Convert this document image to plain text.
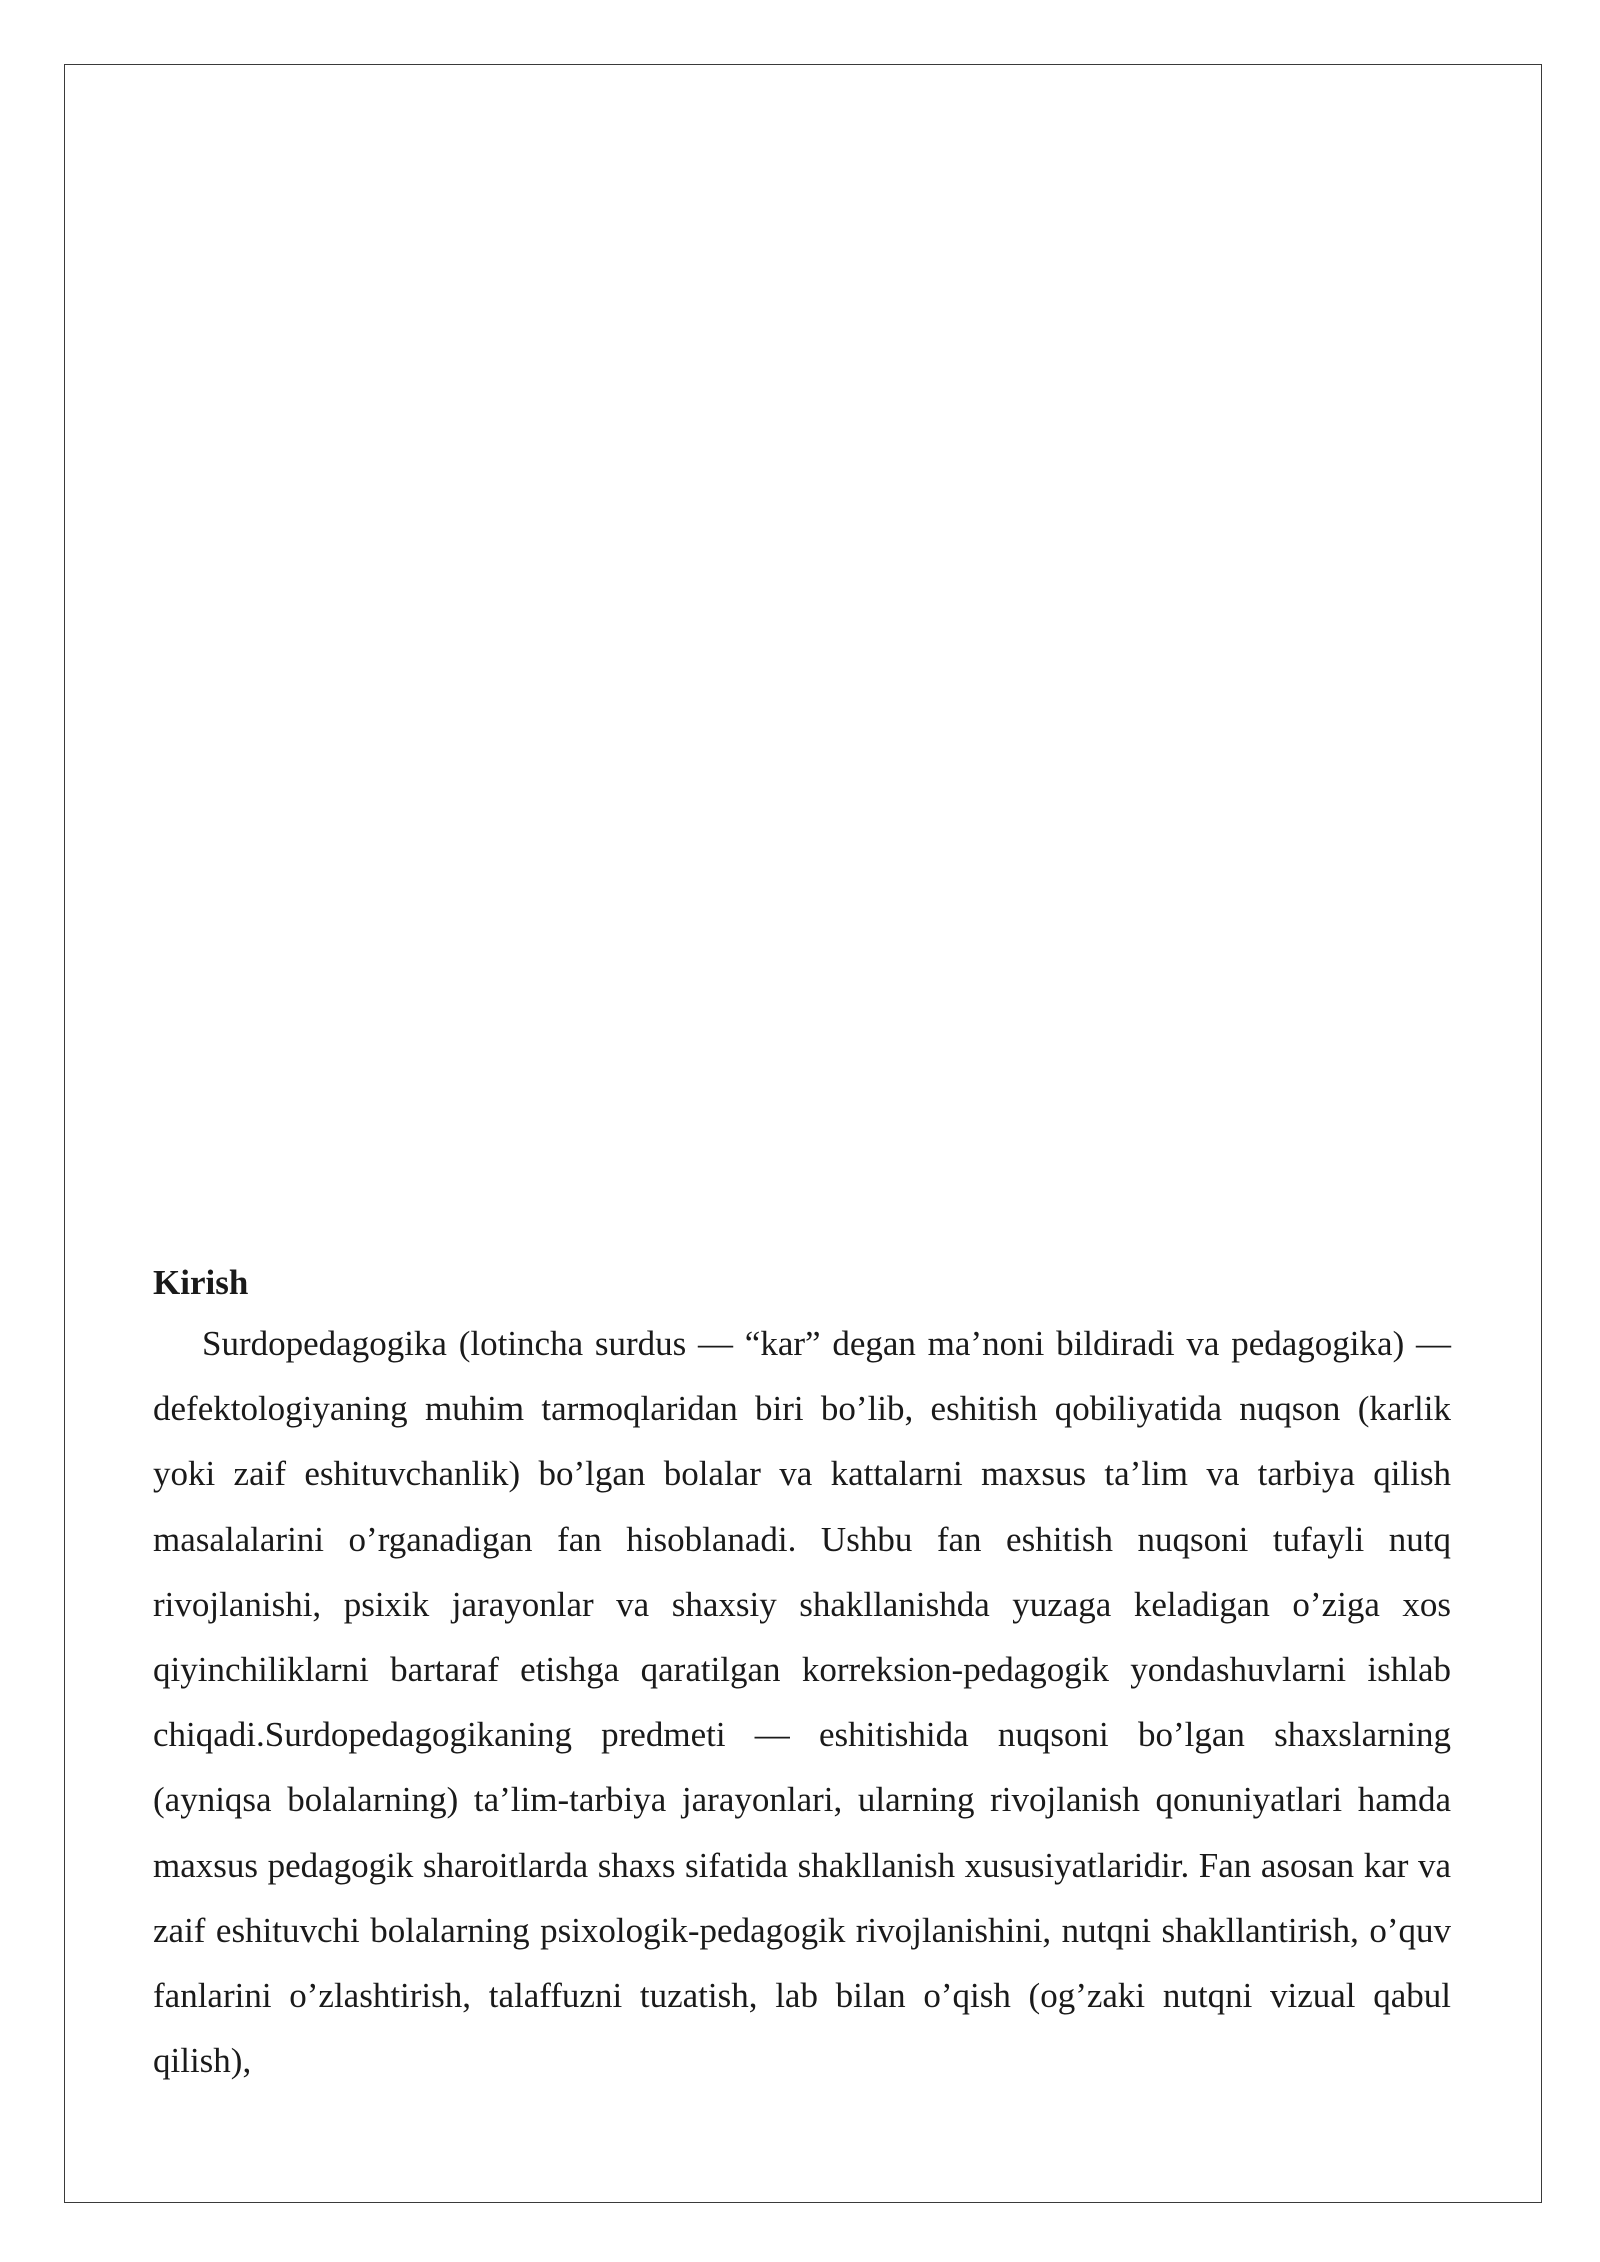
Kirish

Surdopedagogika (lotincha surdus — “kar” degan ma’noni bildiradi va pedagogika) — defektologiyaning muhim tarmoqlaridan biri bo’lib, eshitish qobiliyatida nuqson (karlik yoki zaif eshituvchanlik) bo’lgan bolalar va kattalarni maxsus ta’lim va tarbiya qilish masalalarini o’rganadigan fan hisoblanadi. Ushbu fan eshitish nuqsoni tufayli nutq rivojlanishi, psixik jarayonlar va shaxsiy shakllanishda yuzaga keladigan o’ziga xos qiyinchiliklarni bartaraf etishga qaratilgan korreksion-pedagogik yondashuvlarni ishlab chiqadi.Surdopedagogikaning predmeti — eshitishida nuqsoni bo’lgan shaxslarning (ayniqsa bolalarning) ta’lim-tarbiya jarayonlari, ularning rivojlanish qonuniyatlari hamda maxsus pedagogik sharoitlarda shaxs sifatida shakllanish xususiyatlaridir. Fan asosan kar va zaif eshituvchi bolalarning psixologik-pedagogik rivojlanishini, nutqni shakllantirish, o’quv fanlarini o’zlashtirish, talaffuzni tuzatish, lab bilan o’qish (og’zaki nutqni vizual qabul qilish),
